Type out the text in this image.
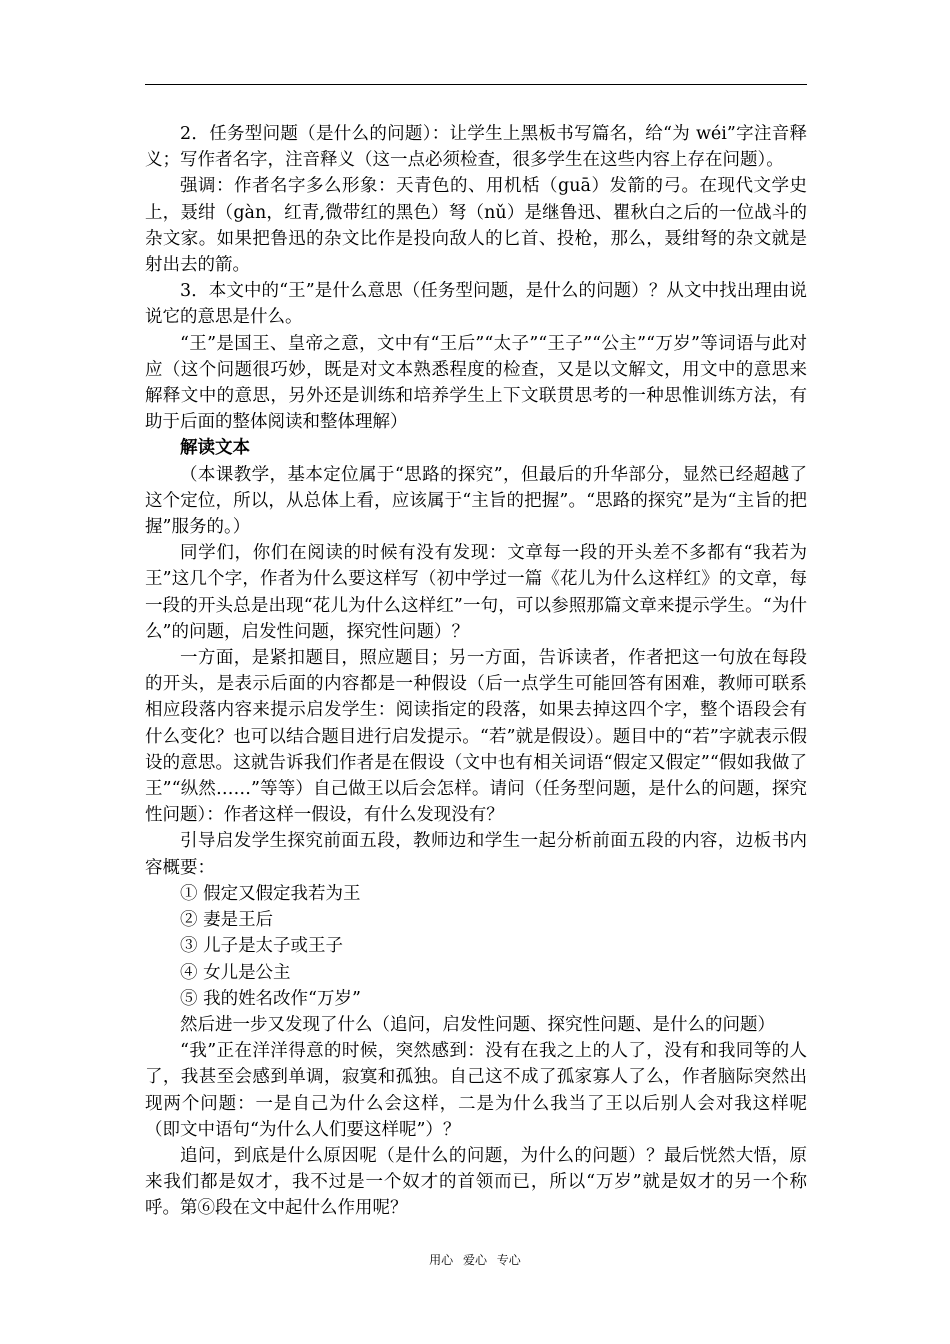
2．任务型问题（是什么的问题）：让学生上黑板书写篇名，给“为 wéi”字注音释义；写作者名字，注音释义（这一点必须检查，很多学生在这些内容上存在问题）。

强调：作者名字多么形象：天青色的、用机栝（guā）发箭的弓。在现代文学史上，聂绀（gàn，红青,微带红的黑色）弩（nǔ）是继鲁迅、瞿秋白之后的一位战斗的杂文家。如果把鲁迅的杂文比作是投向敌人的匕首、投枪，那么，聂绀弩的杂文就是射出去的箭。

3．本文中的“王”是什么意思（任务型问题，是什么的问题）？从文中找出理由说说它的意思是什么。

“王”是国王、皇帝之意，文中有“王后”“太子”“王子”“公主”“万岁”等词语与此对应（这个问题很巧妙，既是对文本熟悉程度的检查，又是以文解文，用文中的意思来解释文中的意思，另外还是训练和培养学生上下文联贯思考的一种思惟训练方法，有助于后面的整体阅读和整体理解）

解读文本

（本课教学，基本定位属于“思路的探究”，但最后的升华部分，显然已经超越了这个定位，所以，从总体上看，应该属于“主旨的把握”。“思路的探究”是为“主旨的把握”服务的。）

同学们，你们在阅读的时候有没有发现：文章每一段的开头差不多都有“我若为王”这几个字，作者为什么要这样写（初中学过一篇《花儿为什么这样红》的文章，每一段的开头总是出现“花儿为什么这样红”一句，可以参照那篇文章来提示学生。“为什么”的问题，启发性问题，探究性问题）？

一方面，是紧扣题目，照应题目；另一方面，告诉读者，作者把这一句放在每段的开头，是表示后面的内容都是一种假设（后一点学生可能回答有困难，教师可联系相应段落内容来提示启发学生：阅读指定的段落，如果去掉这四个字，整个语段会有什么变化？也可以结合题目进行启发提示。“若”就是假设）。题目中的“若”字就表示假设的意思。这就告诉我们作者是在假设（文中也有相关词语“假定又假定”“假如我做了王”“纵然……”等等）自己做王以后会怎样。请问（任务型问题，是什么的问题，探究性问题）：作者这样一假设，有什么发现没有？

引导启发学生探究前面五段，教师边和学生一起分析前面五段的内容，边板书内容概要：

① 假定又假定我若为王

② 妻是王后

③ 儿子是太子或王子

④ 女儿是公主

⑤ 我的姓名改作“万岁”

然后进一步又发现了什么（追问，启发性问题、探究性问题、是什么的问题）

“我”正在洋洋得意的时候，突然感到：没有在我之上的人了，没有和我同等的人了，我甚至会感到单调，寂寞和孤独。自己这不成了孤家寡人了么，作者脑际突然出现两个问题：一是自己为什么会这样，二是为什么我当了王以后别人会对我这样呢（即文中语句“为什么人们要这样呢”）？

追问，到底是什么原因呢（是什么的问题，为什么的问题）？最后恍然大悟，原来我们都是奴才，我不过是一个奴才的首领而已，所以“万岁”就是奴才的另一个称呼。第⑥段在文中起什么作用呢？

用心 爱心 专心
